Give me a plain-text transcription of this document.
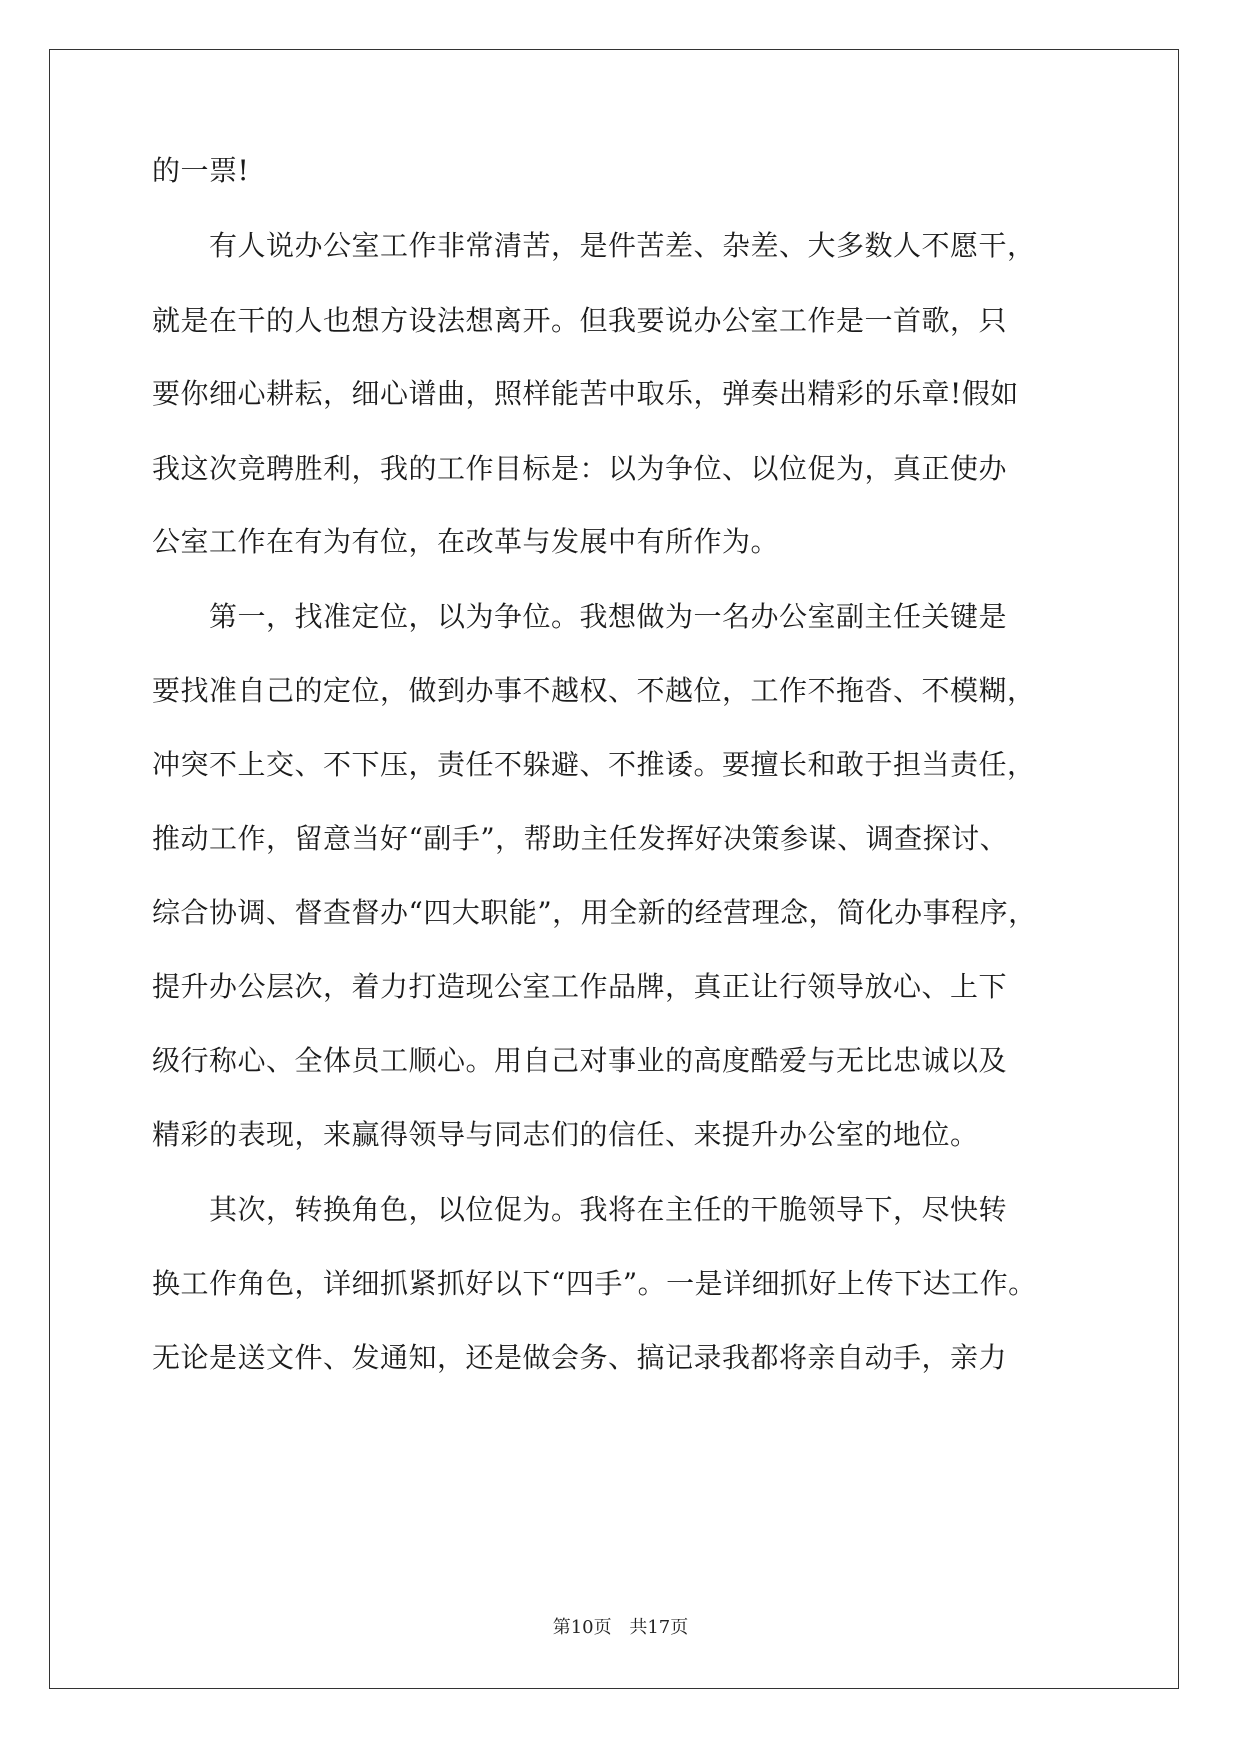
的一票!
　　有人说办公室工作非常清苦，是件苦差、杂差、大多数人不愿干，
就是在干的人也想方设法想离开。但我要说办公室工作是一首歌，只
要你细心耕耘，细心谱曲，照样能苦中取乐，弹奏出精彩的乐章!假如
我这次竞聘胜利，我的工作目标是：以为争位、以位促为，真正使办
公室工作在有为有位，在改革与发展中有所作为。
　　第一，找准定位，以为争位。我想做为一名办公室副主任关键是
要找准自己的定位，做到办事不越权、不越位，工作不拖沓、不模糊，
冲突不上交、不下压，责任不躲避、不推诿。要擅长和敢于担当责任，
推动工作，留意当好“副手”，帮助主任发挥好决策参谋、调查探讨、
综合协调、督查督办“四大职能”，用全新的经营理念，简化办事程序，
提升办公层次，着力打造现公室工作品牌，真正让行领导放心、上下
级行称心、全体员工顺心。用自己对事业的高度酷爱与无比忠诚以及
精彩的表现，来赢得领导与同志们的信任、来提升办公室的地位。
　　其次，转换角色，以位促为。我将在主任的干脆领导下，尽快转
换工作角色，详细抓紧抓好以下“四手”。一是详细抓好上传下达工作。
无论是送文件、发通知，还是做会务、搞记录我都将亲自动手，亲力
第10页 共17页
